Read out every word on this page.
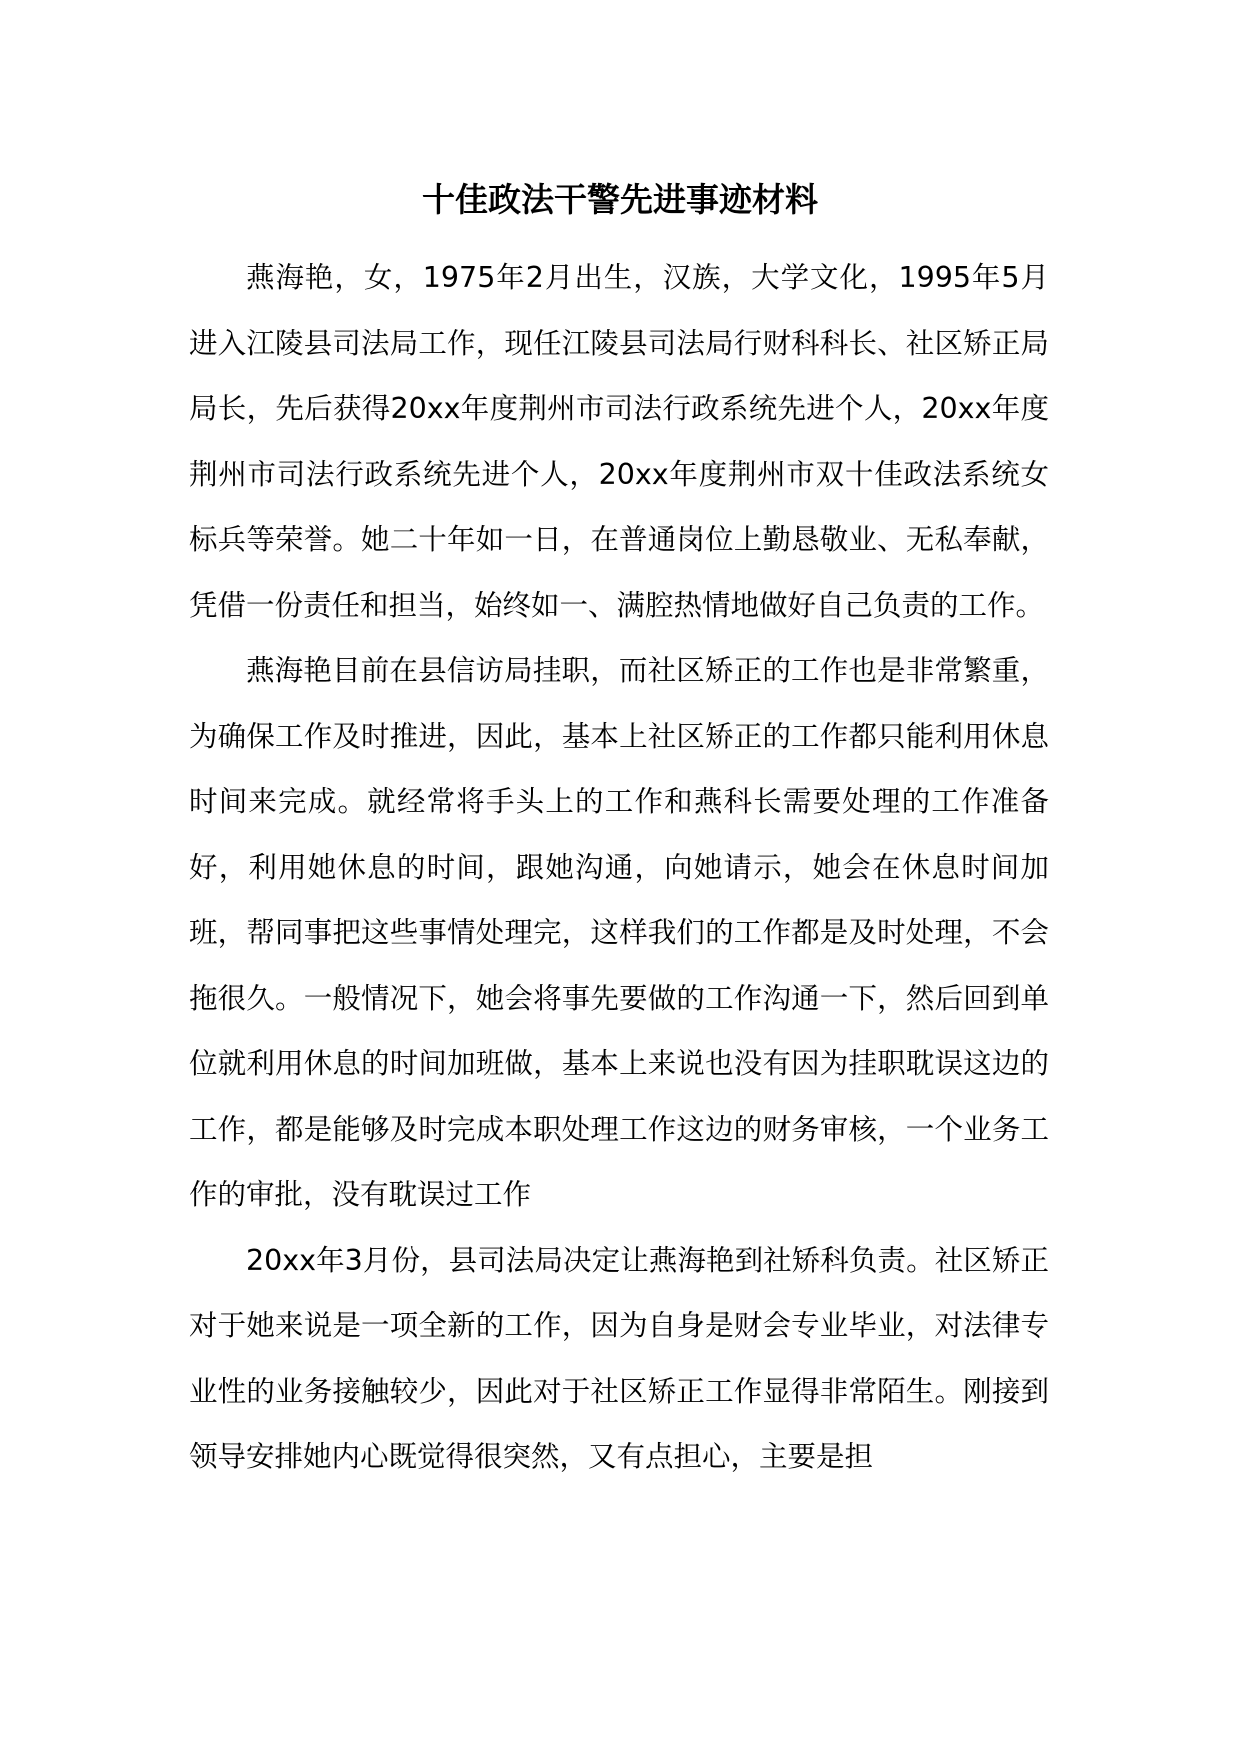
十佳政法干警先进事迹材料

燕海艳，女，1975年2月出生，汉族，大学文化，1995年5月进入江陵县司法局工作，现任江陵县司法局行财科科长、社区矫正局局长，先后获得20xx年度荆州市司法行政系统先进个人，20xx年度荆州市司法行政系统先进个人，20xx年度荆州市双十佳政法系统女标兵等荣誉。她二十年如一日，在普通岗位上勤恳敬业、无私奉献，凭借一份责任和担当，始终如一、满腔热情地做好自己负责的工作。

燕海艳目前在县信访局挂职，而社区矫正的工作也是非常繁重，为确保工作及时推进，因此，基本上社区矫正的工作都只能利用休息时间来完成。就经常将手头上的工作和燕科长需要处理的工作准备好，利用她休息的时间，跟她沟通，向她请示，她会在休息时间加班，帮同事把这些事情处理完，这样我们的工作都是及时处理，不会拖很久。一般情况下，她会将事先要做的工作沟通一下，然后回到单位就利用休息的时间加班做，基本上来说也没有因为挂职耽误这边的工作，都是能够及时完成本职处理工作这边的财务审核，一个业务工作的审批，没有耽误过工作

20xx年3月份，县司法局决定让燕海艳到社矫科负责。社区矫正对于她来说是一项全新的工作，因为自身是财会专业毕业，对法律专业性的业务接触较少，因此对于社区矫正工作显得非常陌生。刚接到领导安排她内心既觉得很突然，又有点担心，主要是担
